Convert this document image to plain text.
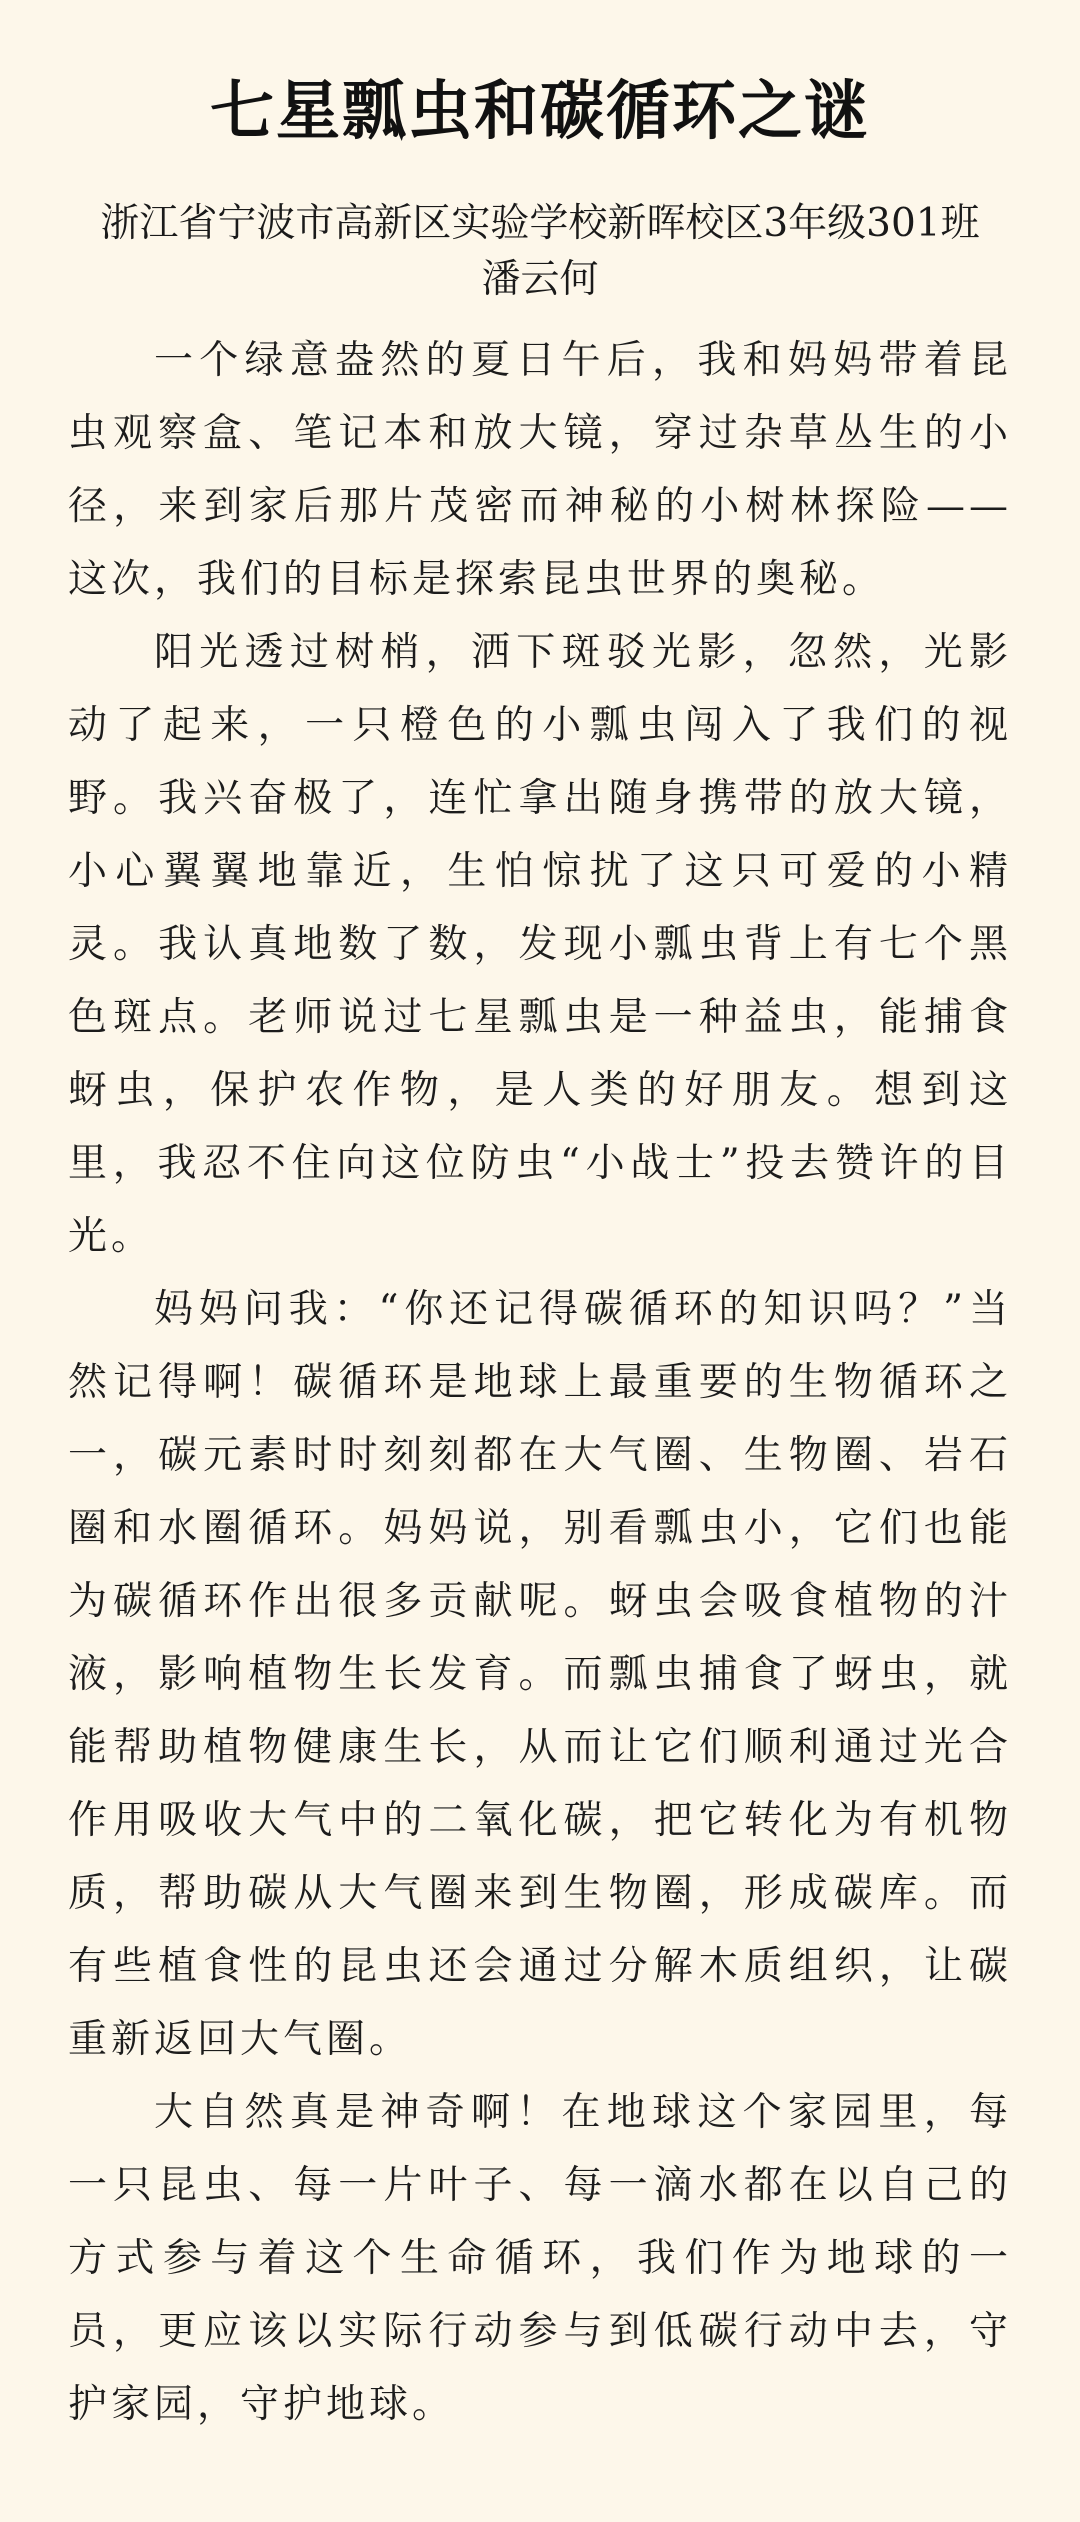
七星瓢虫和碳循环之谜

浙江省宁波市高新区实验学校新晖校区3年级301班

潘云何

一个绿意盎然的夏日午后，我和妈妈带着昆虫观察盒、笔记本和放大镜，穿过杂草丛生的小径，来到家后那片茂密而神秘的小树林探险——这次，我们的目标是探索昆虫世界的奥秘。

阳光透过树梢，洒下斑驳光影，忽然，光影动了起来，一只橙色的小瓢虫闯入了我们的视野。我兴奋极了，连忙拿出随身携带的放大镜，小心翼翼地靠近，生怕惊扰了这只可爱的小精灵。我认真地数了数，发现小瓢虫背上有七个黑色斑点。老师说过七星瓢虫是一种益虫，能捕食蚜虫，保护农作物，是人类的好朋友。想到这里，我忍不住向这位防虫“小战士”投去赞许的目光。

妈妈问我：“你还记得碳循环的知识吗？”当然记得啊！碳循环是地球上最重要的生物循环之一，碳元素时时刻刻都在大气圈、生物圈、岩石圈和水圈循环。妈妈说，别看瓢虫小，它们也能为碳循环作出很多贡献呢。蚜虫会吸食植物的汁液，影响植物生长发育。而瓢虫捕食了蚜虫，就能帮助植物健康生长，从而让它们顺利通过光合作用吸收大气中的二氧化碳，把它转化为有机物质，帮助碳从大气圈来到生物圈，形成碳库。而有些植食性的昆虫还会通过分解木质组织，让碳重新返回大气圈。

大自然真是神奇啊！在地球这个家园里，每一只昆虫、每一片叶子、每一滴水都在以自己的方式参与着这个生命循环，我们作为地球的一员，更应该以实际行动参与到低碳行动中去，守护家园，守护地球。
